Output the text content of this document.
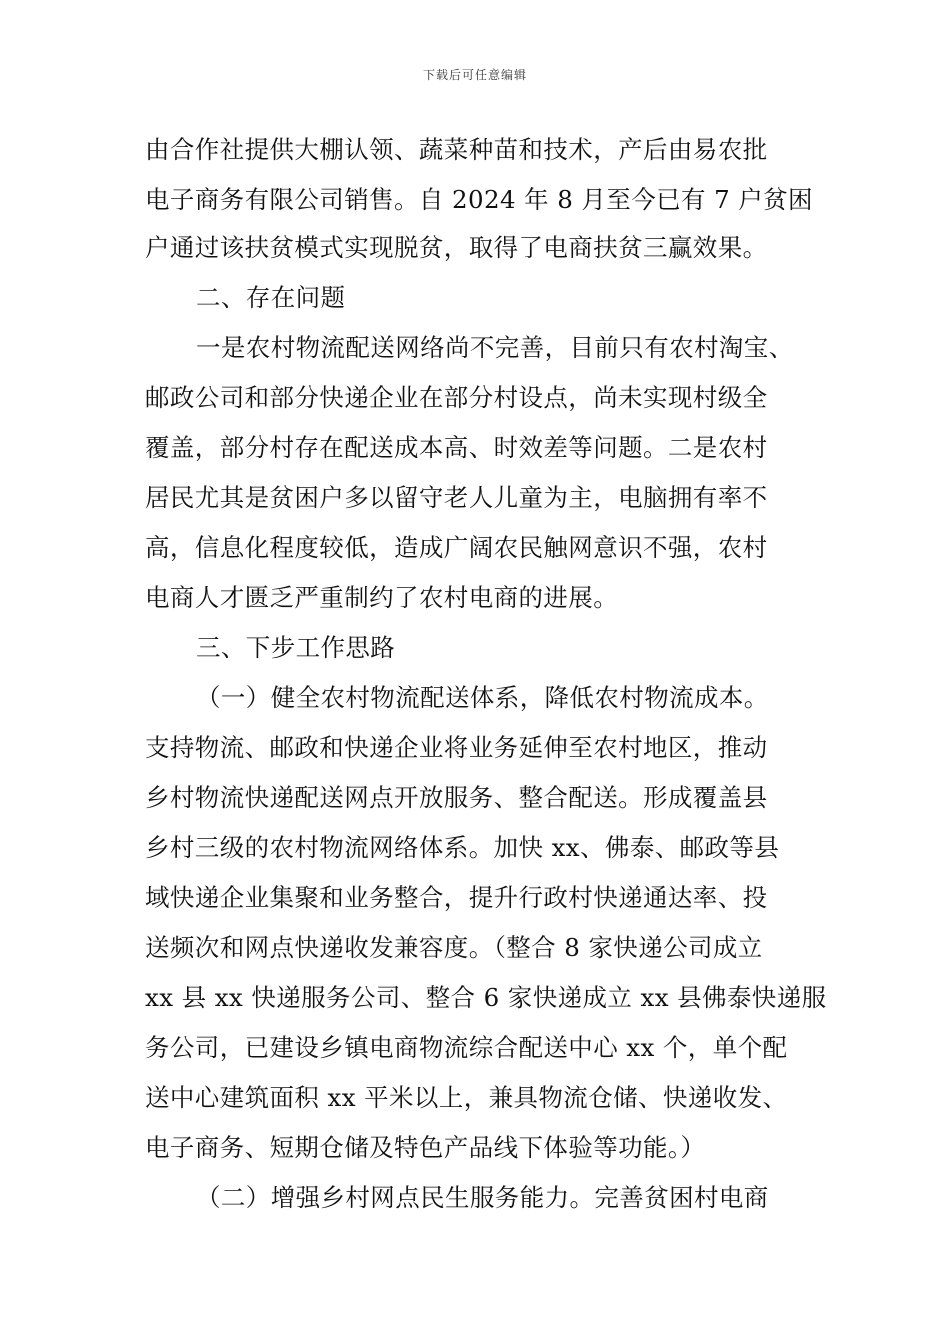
下载后可任意编辑
由合作社提供大棚认领、蔬菜种苗和技术，产后由易农批
电子商务有限公司销售。自 2024 年 8 月至今已有 7 户贫困
户通过该扶贫模式实现脱贫，取得了电商扶贫三赢效果。
二、存在问题
一是农村物流配送网络尚不完善，目前只有农村淘宝、
邮政公司和部分快递企业在部分村设点，尚未实现村级全
覆盖，部分村存在配送成本高、时效差等问题。二是农村
居民尤其是贫困户多以留守老人儿童为主，电脑拥有率不
高，信息化程度较低，造成广阔农民触网意识不强，农村
电商人才匮乏严重制约了农村电商的进展。
三、下步工作思路
（一）健全农村物流配送体系，降低农村物流成本。
支持物流、邮政和快递企业将业务延伸至农村地区，推动
乡村物流快递配送网点开放服务、整合配送。形成覆盖县
乡村三级的农村物流网络体系。加快 xx、佛泰、邮政等县
域快递企业集聚和业务整合，提升行政村快递通达率、投
送频次和网点快递收发兼容度。（整合 8 家快递公司成立
xx 县 xx 快递服务公司、整合 6 家快递成立 xx 县佛泰快递服
务公司，已建设乡镇电商物流综合配送中心 xx 个，单个配
送中心建筑面积 xx 平米以上，兼具物流仓储、快递收发、
电子商务、短期仓储及特色产品线下体验等功能。）
（二）增强乡村网点民生服务能力。完善贫困村电商
